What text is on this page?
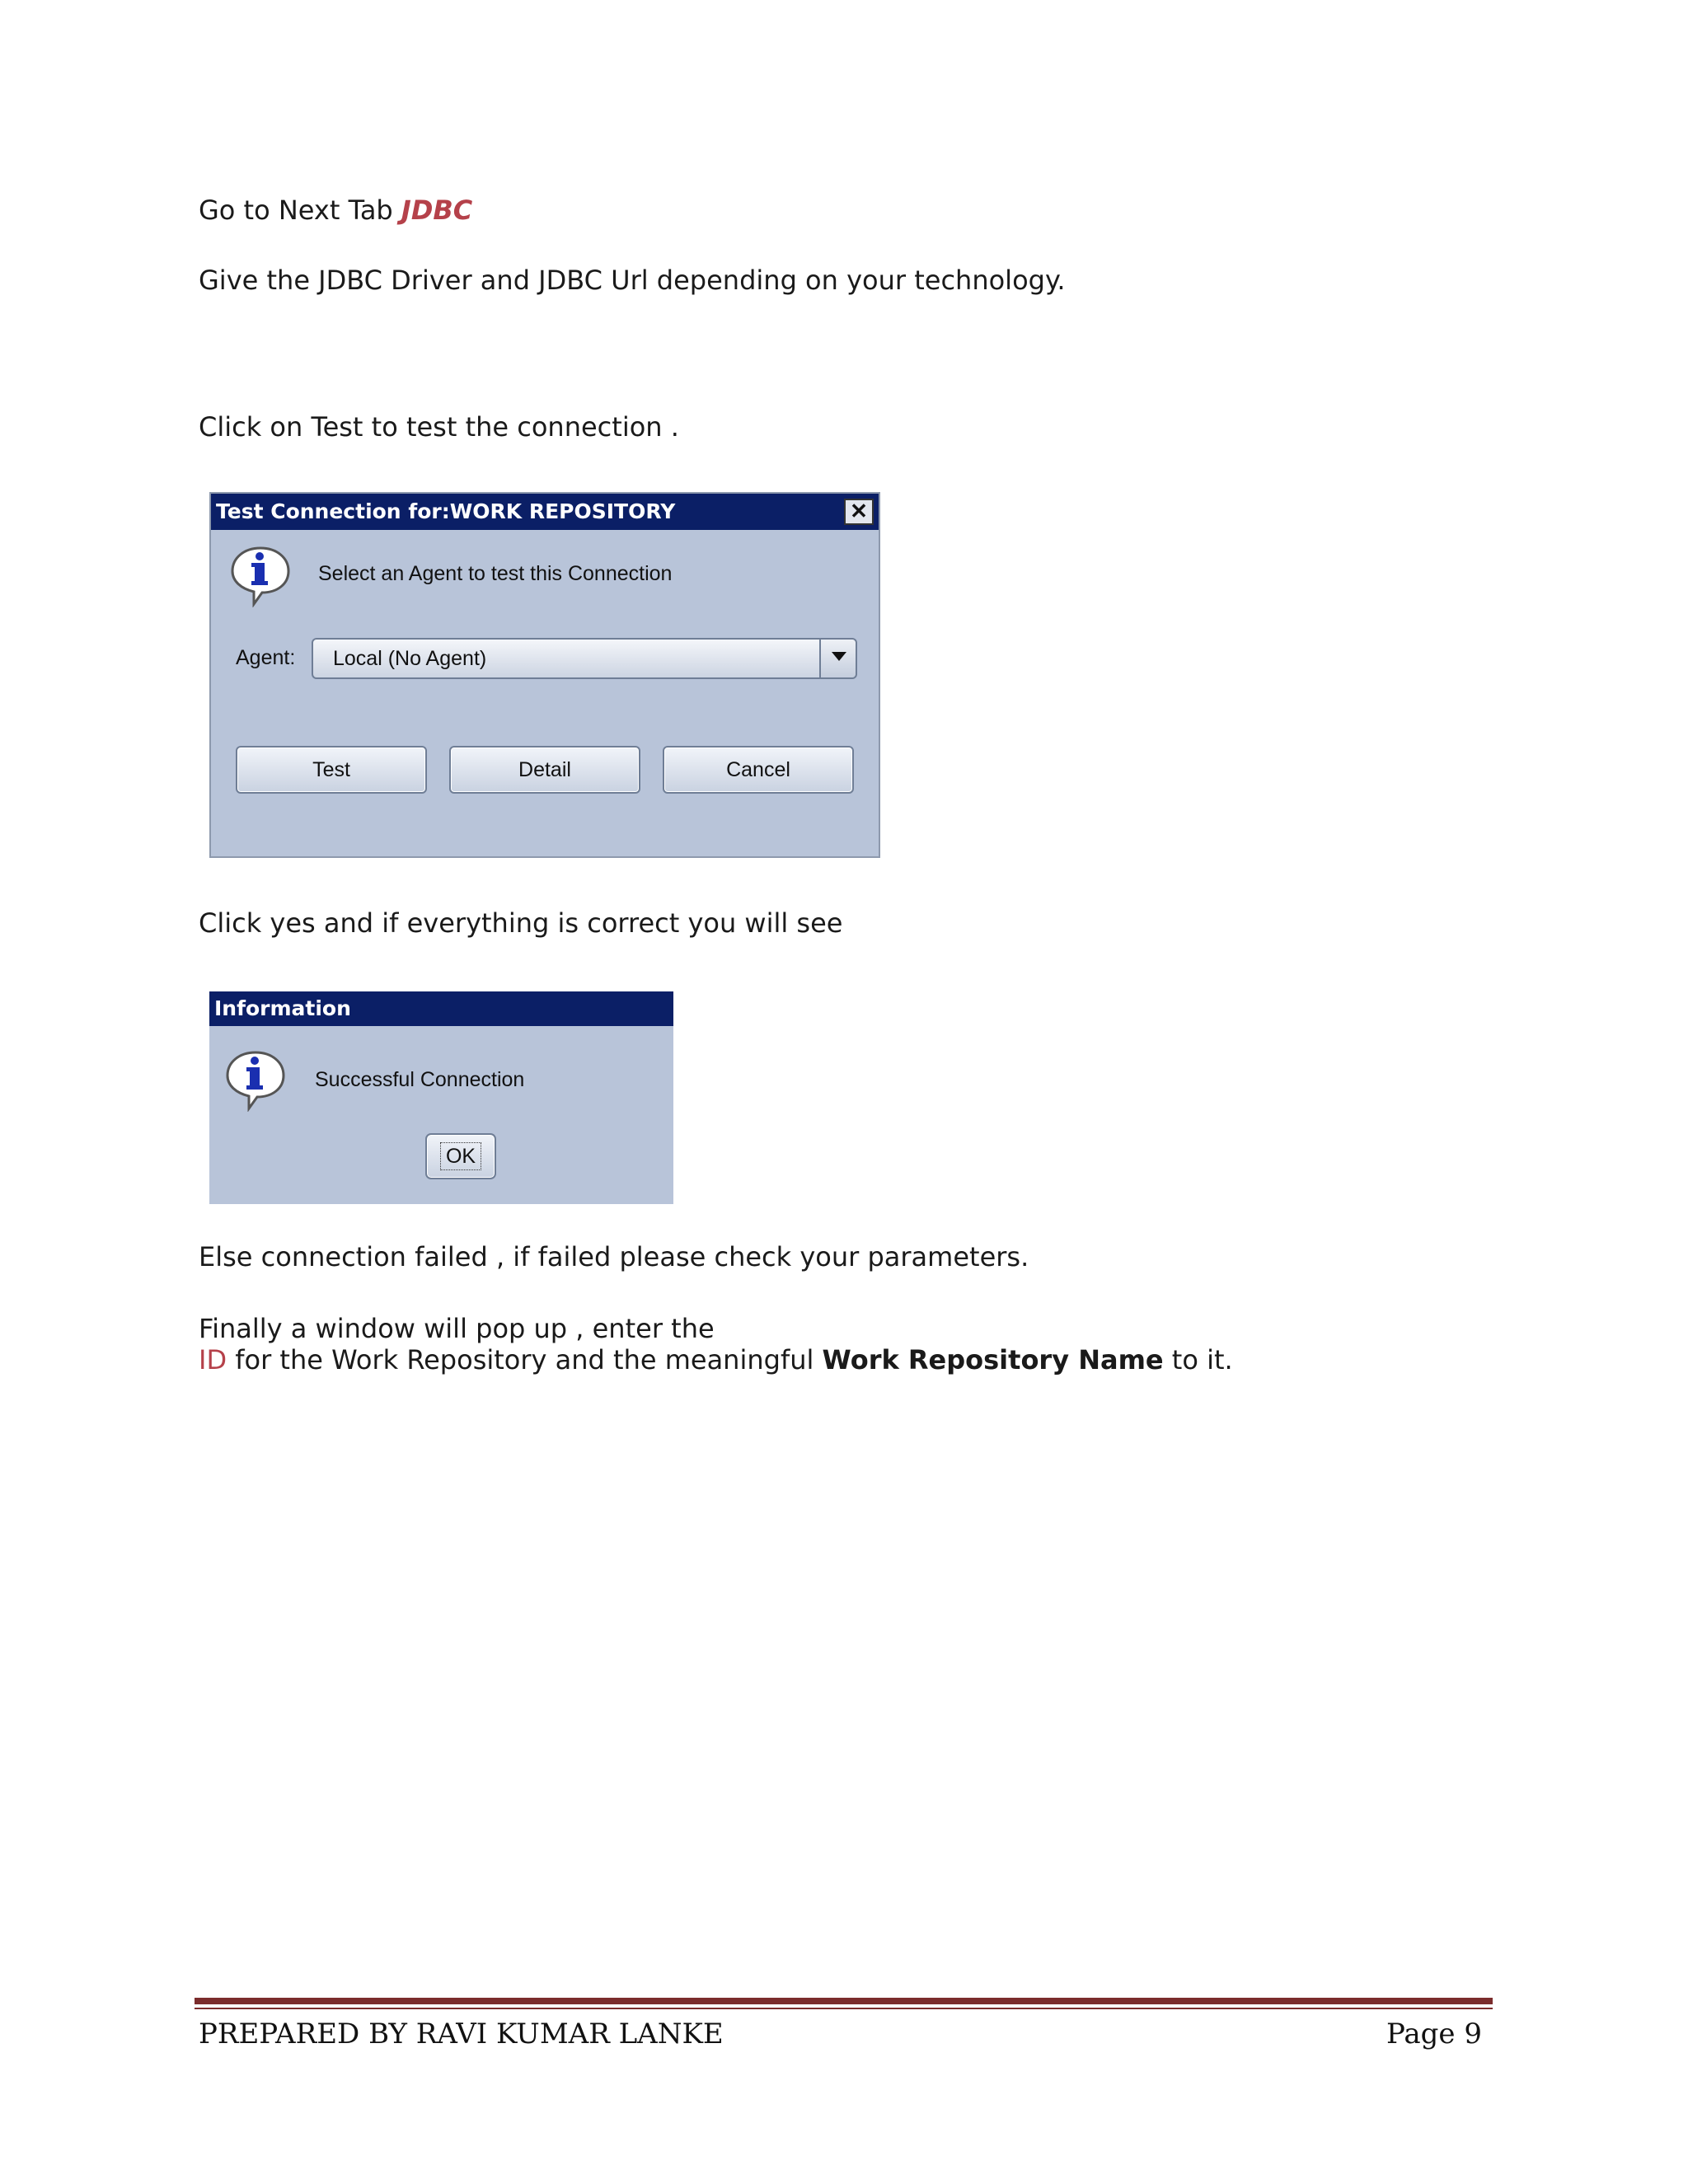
Go to Next Tab JDBC
Give the JDBC Driver and JDBC Url depending on your technology.
Click on Test to test the connection .
Test Connection for:WORK REPOSITORY	✕
Select an Agent to test this Connection
Agent: Local (No Agent)
Test	Detail	Cancel
Click yes and if everything is correct you will see
Information
Successful Connection
OK
Else connection failed , if failed please check your parameters.
Finally a window will pop up , enter the
ID for the Work Repository and the meaningful Work Repository Name to it.
PREPARED BY RAVI KUMAR LANKE	Page 9
